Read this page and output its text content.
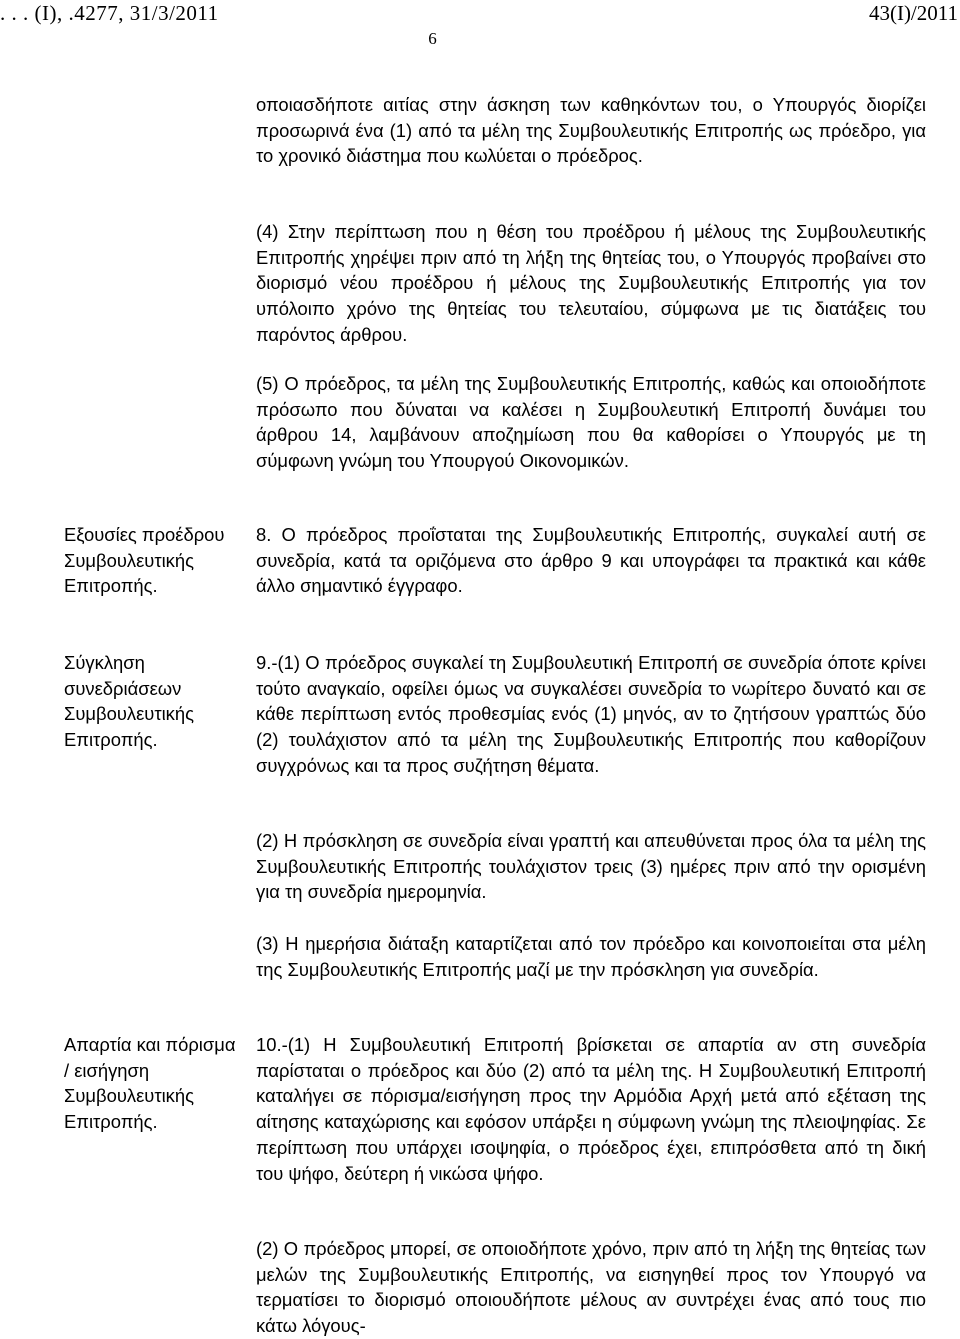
. . . (Ι), .4277, 31/3/2011	43(Ι)/2011
6
οποιασδήποτε αιτίας στην άσκηση των καθηκόντων του, ο Υπουργός διορίζει προσωρινά ένα (1) από τα μέλη της Συμβουλευτικής Επιτροπής ως πρόεδρο, για το χρονικό διάστημα που κωλύεται ο πρόεδρος.
(4) Στην περίπτωση που η θέση του προέδρου ή μέλους της Συμβουλευτικής Επιτροπής χηρέψει πριν από τη λήξη της θητείας του, ο Υπουργός προβαίνει στο διορισμό νέου προέδρου ή μέλους της Συμβουλευτικής Επιτροπής για τον υπόλοιπο χρόνο της θητείας του τελευταίου, σύμφωνα με τις διατάξεις του παρόντος άρθρου.
(5) Ο πρόεδρος, τα μέλη της Συμβουλευτικής Επιτροπής, καθώς και οποιοδήποτε πρόσωπο που δύναται να καλέσει η Συμβουλευτική Επιτροπή δυνάμει του άρθρου 14, λαμβάνουν αποζημίωση που θα καθορίσει ο Υπουργός με τη σύμφωνη γνώμη του Υπουργού Οικονομικών.
Εξουσίες προέδρου Συμβουλευτικής Επιτροπής.
8. Ο πρόεδρος προΐσταται της Συμβουλευτικής Επιτροπής, συγκαλεί αυτή σε συνεδρία, κατά τα οριζόμενα στο άρθρο 9 και υπογράφει τα πρακτικά και κάθε άλλο σημαντικό έγγραφο.
Σύγκληση συνεδριάσεων Συμβουλευτικής Επιτροπής.
9.-(1) Ο πρόεδρος συγκαλεί τη Συμβουλευτική Επιτροπή σε συνεδρία όποτε κρίνει τούτο αναγκαίο, οφείλει όμως να συγκαλέσει συνεδρία το νωρίτερο δυνατό και σε κάθε περίπτωση εντός προθεσμίας ενός (1) μηνός, αν το ζητήσουν γραπτώς δύο (2) τουλάχιστον από τα μέλη της Συμβουλευτικής Επιτροπής που καθορίζουν συγχρόνως και τα προς συζήτηση θέματα.
(2) Η πρόσκληση σε συνεδρία είναι γραπτή και απευθύνεται προς όλα τα μέλη της Συμβουλευτικής Επιτροπής τουλάχιστον τρεις (3) ημέρες πριν από την ορισμένη για τη συνεδρία ημερομηνία.
(3) Η ημερήσια διάταξη καταρτίζεται από τον πρόεδρο και κοινοποιείται στα μέλη της Συμβουλευτικής Επιτροπής μαζί με την πρόσκληση για συνεδρία.
Απαρτία και πόρισμα / εισήγηση Συμβουλευτικής Επιτροπής.
10.-(1) Η Συμβουλευτική Επιτροπή βρίσκεται σε απαρτία αν στη συνεδρία παρίσταται ο πρόεδρος και δύο (2) από τα μέλη της. Η Συμβουλευτική Επιτροπή καταλήγει σε πόρισμα/εισήγηση προς την Αρμόδια Αρχή μετά από εξέταση της αίτησης καταχώρισης και εφόσον υπάρξει η σύμφωνη γνώμη της πλειοψηφίας. Σε περίπτωση που υπάρχει ισοψηφία, ο πρόεδρος έχει, επιπρόσθετα από τη δική του ψήφο, δεύτερη ή νικώσα ψήφο.
(2) Ο πρόεδρος μπορεί, σε οποιοδήποτε χρόνο, πριν από τη λήξη της θητείας των μελών της Συμβουλευτικής Επιτροπής, να εισηγηθεί προς τον Υπουργό να τερματίσει το διορισμό οποιουδήποτε μέλους αν συντρέχει ένας από τους πιο κάτω λόγους-
